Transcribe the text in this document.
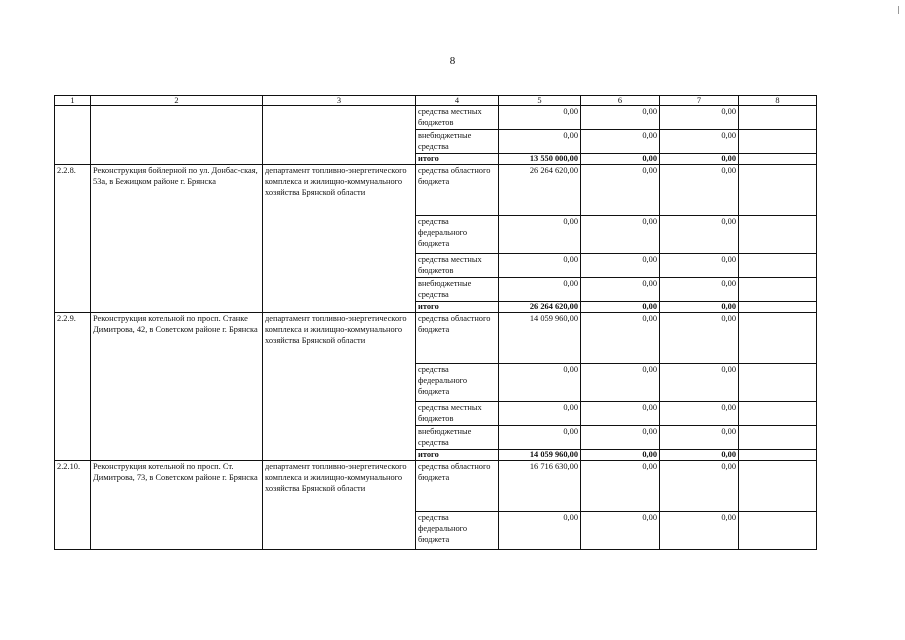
8
1	2	3	4	5	6	7	8
			средства местных бюджетов	0,00	0,00	0,00	
			внебюджетные средства	0,00	0,00	0,00	
			итого	13 550 000,00	0,00	0,00	
2.2.8.	Реконструкция бойлерной по ул. Донбас-ская, 53а, в Бежицком районе г. Брянска	департамент топливно-энергетического комплекса и жилищно-коммунального хозяйства Брянской области	средства областного бюджета	26 264 620,00	0,00	0,00	
			средства федерального бюджета	0,00	0,00	0,00	
			средства местных бюджетов	0,00	0,00	0,00	
			внебюджетные средства	0,00	0,00	0,00	
			итого	26 264 620,00	0,00	0,00	
2.2.9.	Реконструкция котельной по просп. Станке Димитрова, 42, в Советском районе г. Брянска	департамент топливно-энергетического комплекса и жилищно-коммунального хозяйства Брянской области	средства областного бюджета	14 059 960,00	0,00	0,00	
			средства федерального бюджета	0,00	0,00	0,00	
			средства местных бюджетов	0,00	0,00	0,00	
			внебюджетные средства	0,00	0,00	0,00	
			итого	14 059 960,00	0,00	0,00	
2.2.10.	Реконструкция котельной по просп. Ст. Димитрова, 73, в Советском районе г. Брянска	департамент топливно-энергетического комплекса и жилищно-коммунального хозяйства Брянской области	средства областного бюджета	16 716 630,00	0,00	0,00	
			средства федерального бюджета	0,00	0,00	0,00	
